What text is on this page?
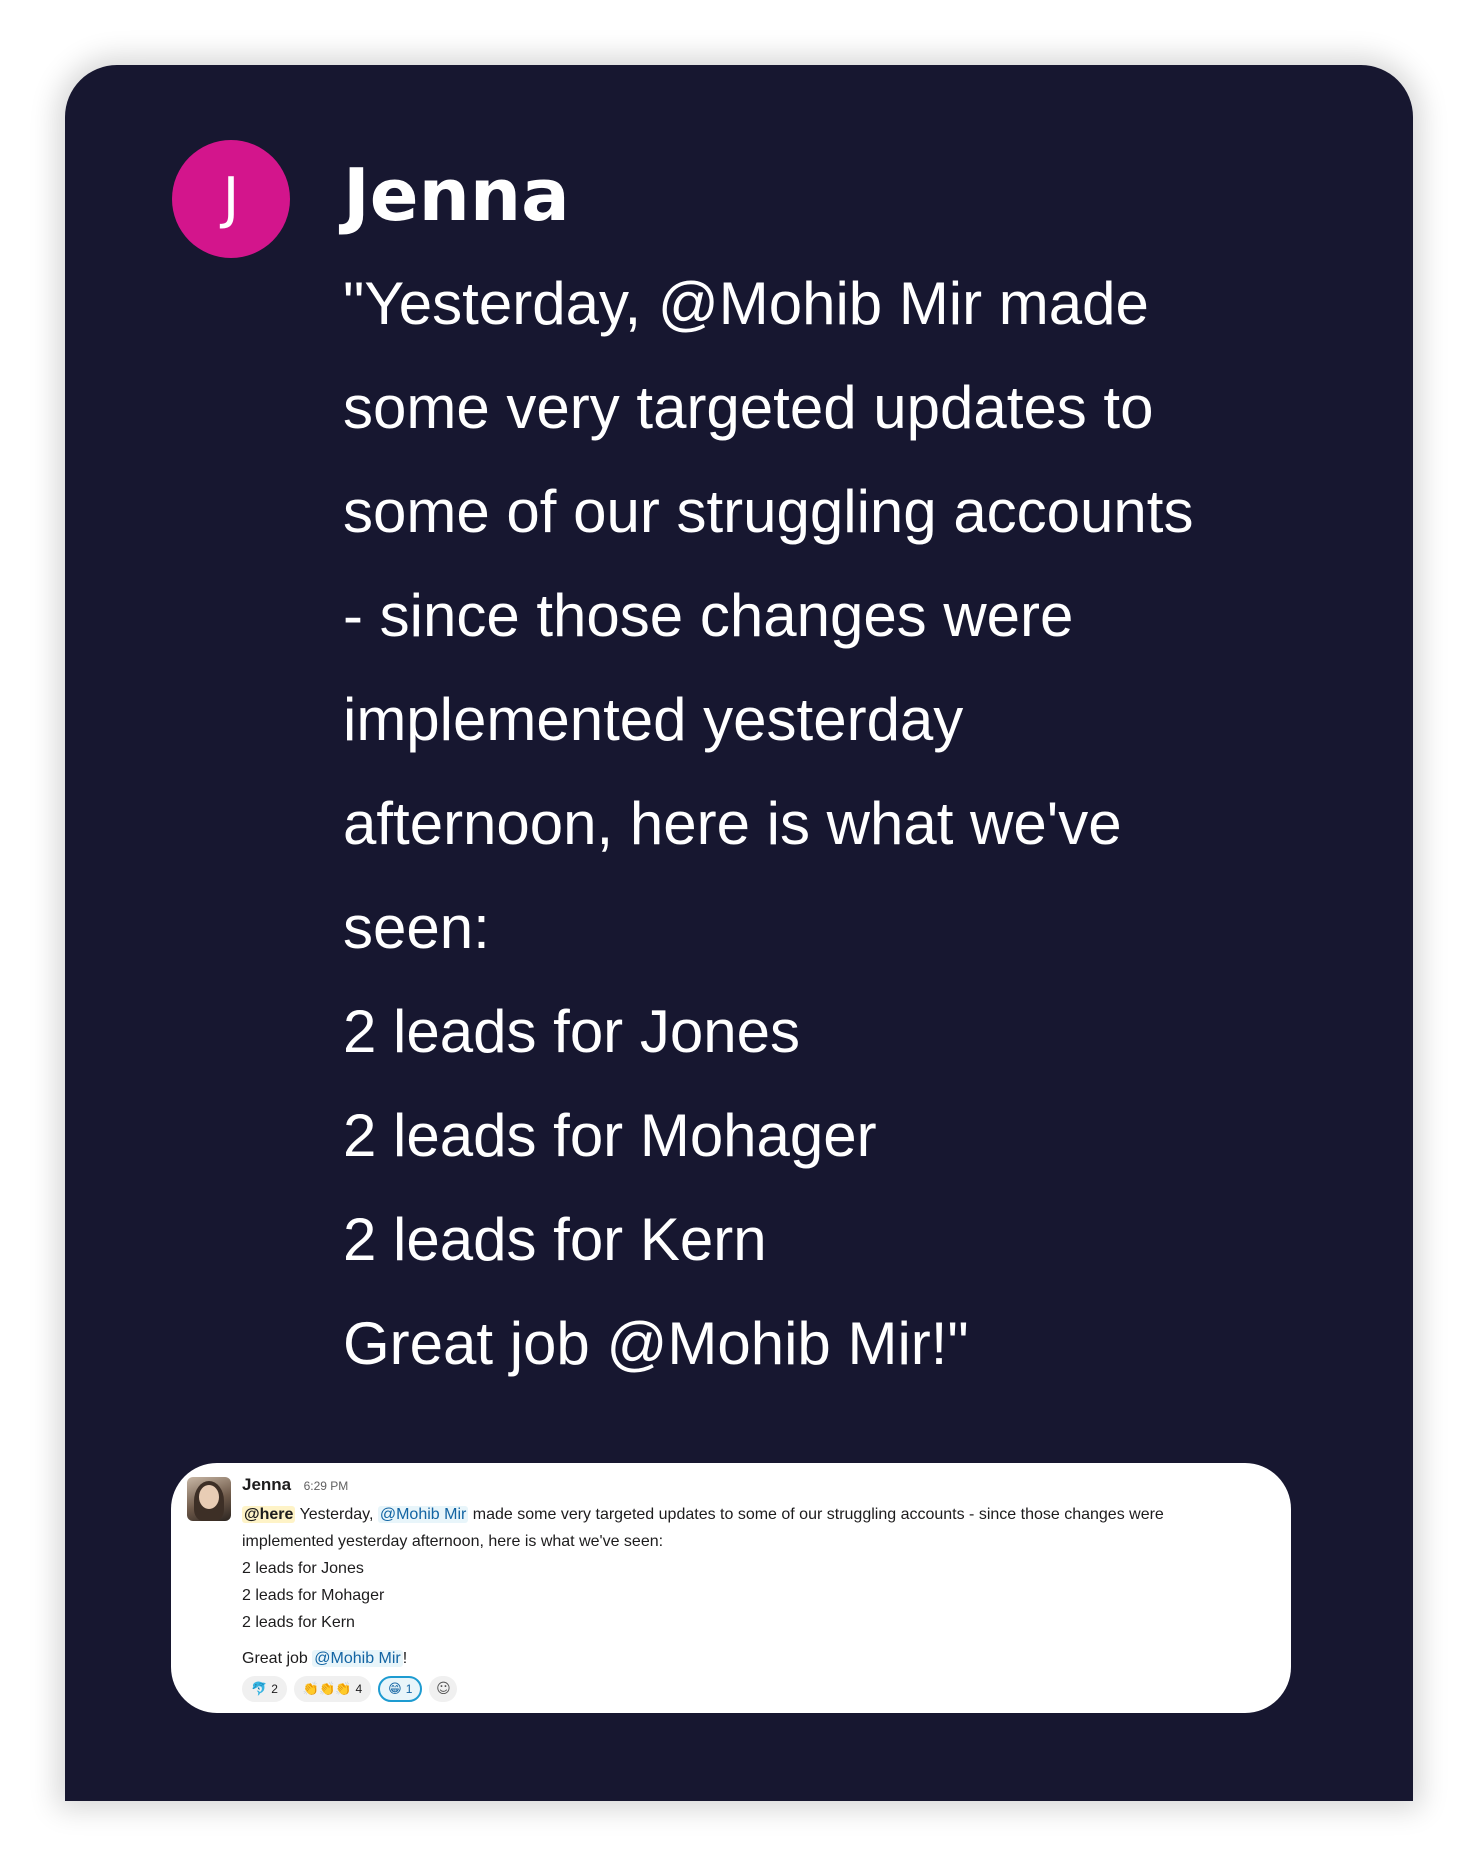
J	Jenna
"Yesterday, @Mohib Mir made
some very targeted updates to
some of our struggling accounts
- since those changes were
implemented yesterday
afternoon, here is what we've
seen:
2 leads for Jones
2 leads for Mohager
2 leads for Kern
Great job @Mohib Mir!"
Jenna 6:29 PM
@here Yesterday, @Mohib Mir made some very targeted updates to some of our struggling accounts - since those changes were
implemented yesterday afternoon, here is what we've seen:
2 leads for Jones
2 leads for Mohager
2 leads for Kern
Great job @Mohib Mir !
🐬 2 👏👏👏 4 😁 1 ☺
